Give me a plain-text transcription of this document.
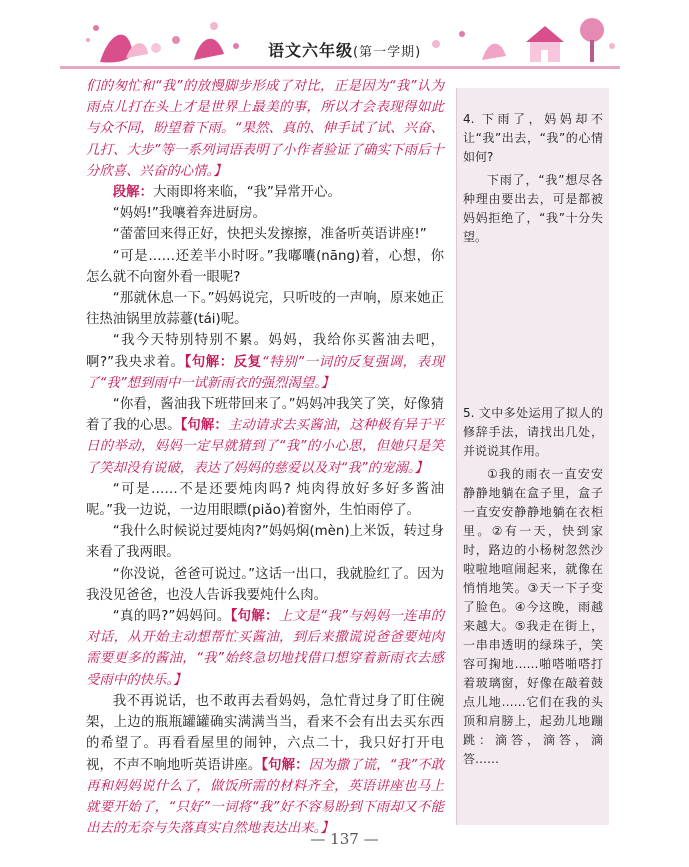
语文六年级(第一学期)

们的匆忙和“我”的放慢脚步形成了对比，正是因为“我”认为雨点儿打在头上才是世界上最美的事，所以才会表现得如此与众不同，盼望着下雨。“果然、真的、伸手试了试、兴奋、几打、大步”等一系列词语表明了小作者验证了确实下雨后十分欣喜、兴奋的心情。】

段解：大雨即将来临，“我”异常开心。

“妈妈!”我嚷着奔进厨房。

“蕾蕾回来得正好，快把头发擦擦，准备听英语讲座!”

“可是……还差半小时呀。”我嘟囔(nāng)着，心想，你怎么就不向窗外看一眼呢?

“那就休息一下。”妈妈说完，只听吱的一声响，原来她正往热油锅里放蒜薹(tái)呢。

“我今天特别特别不累。妈妈，我给你买酱油去吧，啊?”我央求着。【句解：反复“特别”一词的反复强调，表现了“我”想到雨中一试新雨衣的强烈渴望。】

“你看，酱油我下班带回来了。”妈妈冲我笑了笑，好像猜着了我的心思。【句解：主动请求去买酱油，这种极有异于平日的举动，妈妈一定早就猜到了“我”的小心思，但她只是笑了笑却没有说破，表达了妈妈的慈爱以及对“我”的宠溺。】

“可是……不是还要炖肉吗? 炖肉得放好多好多酱油呢。”我一边说，一边用眼瞟(piǎo)着窗外，生怕雨停了。

“我什么时候说过要炖肉?”妈妈焖(mèn)上米饭，转过身来看了我两眼。

“你没说，爸爸可说过。”这话一出口，我就脸红了。因为我没见爸爸，也没人告诉我要炖什么肉。

“真的吗?”妈妈问。【句解：上文是“我”与妈妈一连串的对话，从开始主动想帮忙买酱油，到后来撒谎说爸爸要炖肉需要更多的酱油，“我”始终急切地找借口想穿着新雨衣去感受雨中的快乐。】

我不再说话，也不敢再去看妈妈，急忙背过身了盯住碗架，上边的瓶瓶罐罐确实满满当当，看来不会有出去买东西的希望了。再看看屋里的闹钟，六点二十，我只好打开电视，不声不响地听英语讲座。【句解：因为撒了谎，“我”不敢再和妈妈说什么了，做饭所需的材料齐全，英语讲座也马上就要开始了，“只好”一词将“我”好不容易盼到下雨却又不能出去的无奈与失落真实自然地表达出来。】

4. 下雨了，妈妈却不让“我”出去，“我”的心情如何?

下雨了，“我”想尽各种理由要出去，可是都被妈妈拒绝了，“我”十分失望。

5. 文中多处运用了拟人的修辞手法，请找出几处，并说说其作用。

①我的雨衣一直安安静静地躺在盒子里，盒子一直安安静静地躺在衣柜里。②有一天，快到家时，路边的小杨树忽然沙啦啦地喧闹起来，就像在悄悄地笑。③天一下子变了脸色。④今这晚，雨越来越大。⑤我走在街上，一串串透明的绿珠子，笑容可掬地……啪嗒啪嗒打着玻璃窗，好像在敲着鼓点儿地……它们在我的头顶和肩膀上，起劲儿地蹦跳：滴答，滴答，滴答……

— 137 —
